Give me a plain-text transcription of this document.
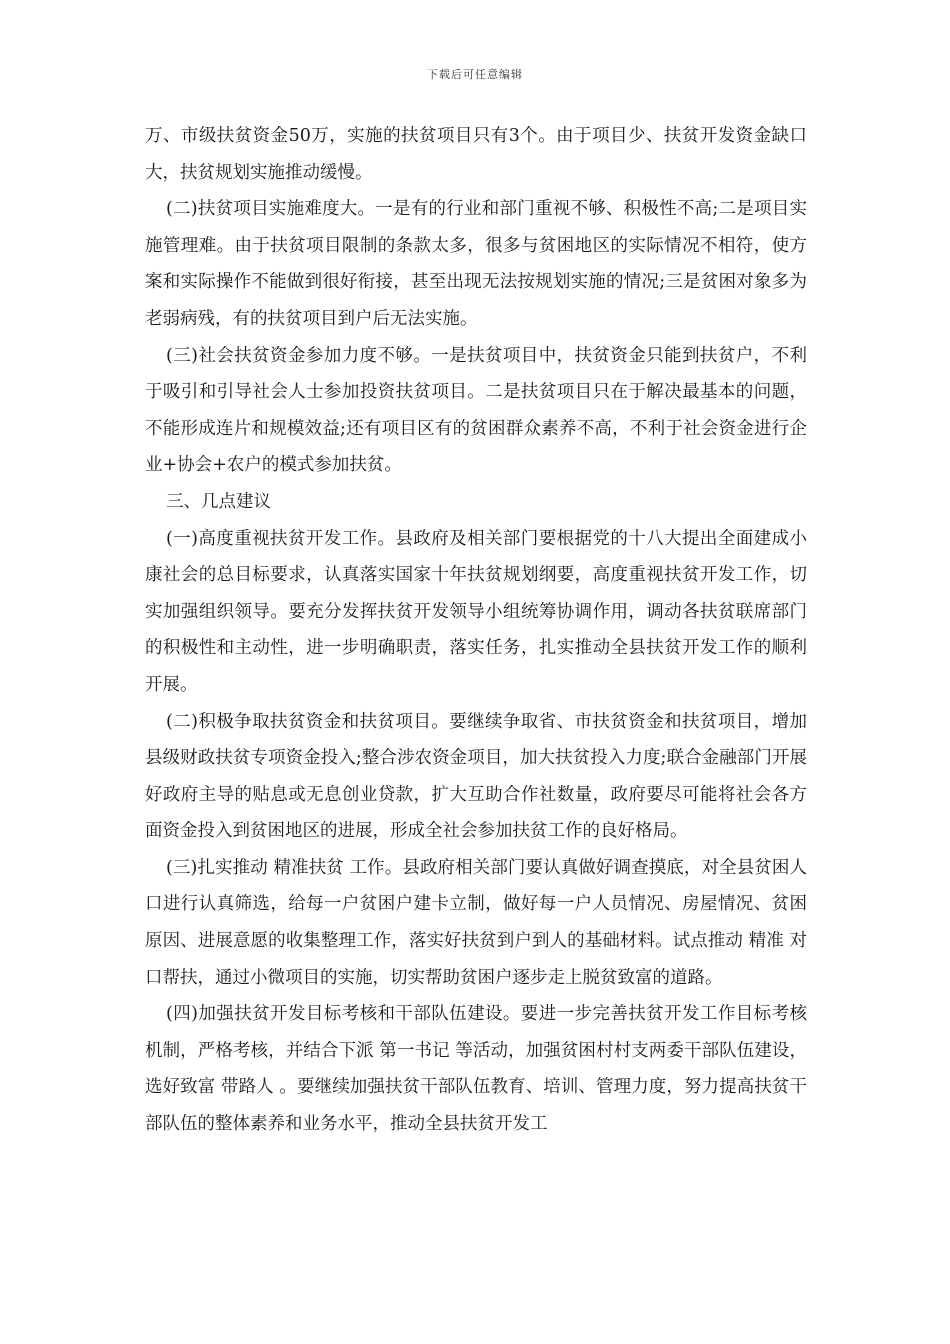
下载后可任意编辑

万、市级扶贫资金50万，实施的扶贫项目只有3个。由于项目少、扶贫开发资金缺口大，扶贫规划实施推动缓慢。

(二)扶贫项目实施难度大。一是有的行业和部门重视不够、积极性不高;二是项目实施管理难。由于扶贫项目限制的条款太多，很多与贫困地区的实际情况不相符，使方案和实际操作不能做到很好衔接，甚至出现无法按规划实施的情况;三是贫困对象多为老弱病残，有的扶贫项目到户后无法实施。

(三)社会扶贫资金参加力度不够。一是扶贫项目中，扶贫资金只能到扶贫户，不利于吸引和引导社会人士参加投资扶贫项目。二是扶贫项目只在于解决最基本的问题，不能形成连片和规模效益;还有项目区有的贫困群众素养不高，不利于社会资金进行企业+协会+农户的模式参加扶贫。

三、几点建议

(一)高度重视扶贫开发工作。县政府及相关部门要根据党的十八大提出全面建成小康社会的总目标要求，认真落实国家十年扶贫规划纲要，高度重视扶贫开发工作，切实加强组织领导。要充分发挥扶贫开发领导小组统筹协调作用，调动各扶贫联席部门的积极性和主动性，进一步明确职责，落实任务，扎实推动全县扶贫开发工作的顺利开展。

(二)积极争取扶贫资金和扶贫项目。要继续争取省、市扶贫资金和扶贫项目，增加县级财政扶贫专项资金投入;整合涉农资金项目，加大扶贫投入力度;联合金融部门开展好政府主导的贴息或无息创业贷款，扩大互助合作社数量，政府要尽可能将社会各方面资金投入到贫困地区的进展，形成全社会参加扶贫工作的良好格局。

(三)扎实推动 精准扶贫 工作。县政府相关部门要认真做好调查摸底，对全县贫困人口进行认真筛选，给每一户贫困户建卡立制，做好每一户人员情况、房屋情况、贫困原因、进展意愿的收集整理工作，落实好扶贫到户到人的基础材料。试点推动 精准 对口帮扶，通过小微项目的实施，切实帮助贫困户逐步走上脱贫致富的道路。

(四)加强扶贫开发目标考核和干部队伍建设。要进一步完善扶贫开发工作目标考核机制，严格考核，并结合下派 第一书记 等活动，加强贫困村村支两委干部队伍建设，选好致富 带路人 。要继续加强扶贫干部队伍教育、培训、管理力度，努力提高扶贫干部队伍的整体素养和业务水平，推动全县扶贫开发工
